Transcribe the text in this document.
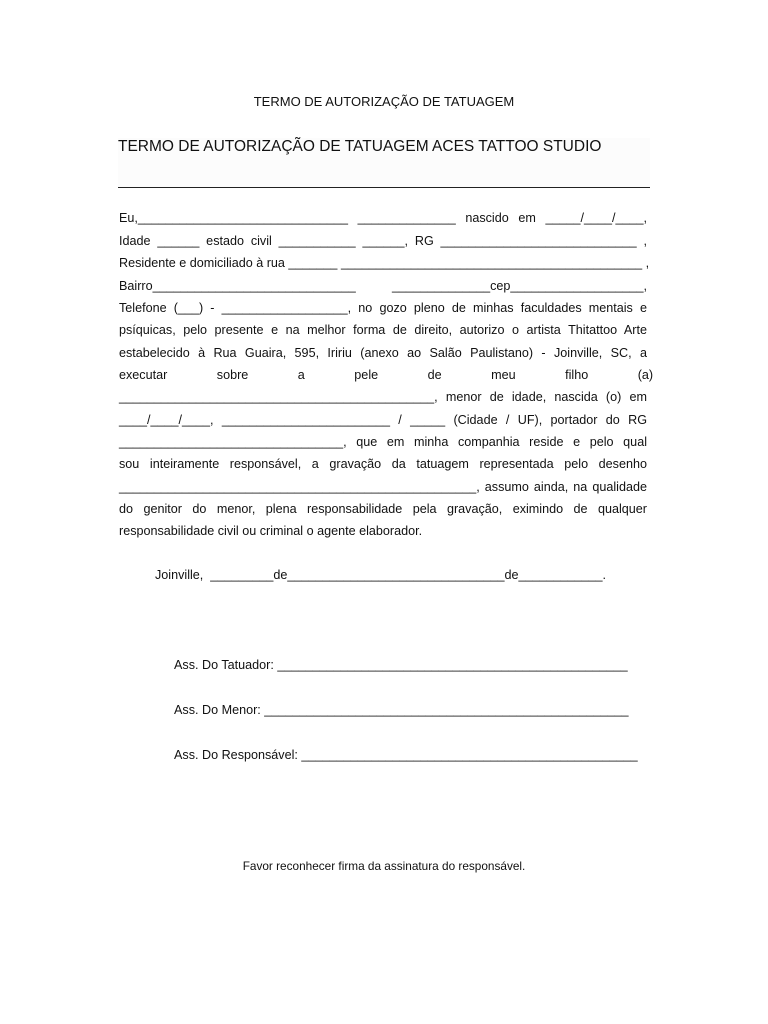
TERMO DE AUTORIZAÇÃO DE TATUAGEM
TERMO DE AUTORIZAÇÃO DE TATUAGEM ACES TATTOO STUDIO
Eu,______________________________ ______________ nascido em _____/____/____,
Idade ______ estado civil ___________ ______, RG ____________________________ ,
Residente e domiciliado à rua _______ ___________________________________________ ,
Bairro_____________________________ ______________cep___________________,
Telefone (___) - __________________, no gozo pleno de minhas faculdades mentais e
psíquicas, pelo presente e na melhor forma de direito, autorizo o artista Thitattoo Arte
estabelecido à Rua Guaira, 595, Iririu (anexo ao Salão Paulistano) - Joinville, SC, a
executar sobre a pele de meu filho (a)
_____________________________________________, menor de idade, nascida (o) em
____/____/____, ________________________ / _____ (Cidade / UF), portador do RG
________________________________, que em minha companhia reside e pelo qual
sou inteiramente responsável, a gravação da tatuagem representada pelo desenho
___________________________________________________, assumo ainda, na qualidade
do genitor do menor, plena responsabilidade pela gravação, eximindo de qualquer
responsabilidade civil ou criminal o agente elaborador.
Joinville,  _________de_______________________________de____________.
Ass. Do Tatuador: __________________________________________________
Ass. Do Menor: ____________________________________________________
Ass. Do Responsável: ________________________________________________
Favor reconhecer firma da assinatura do responsável.
